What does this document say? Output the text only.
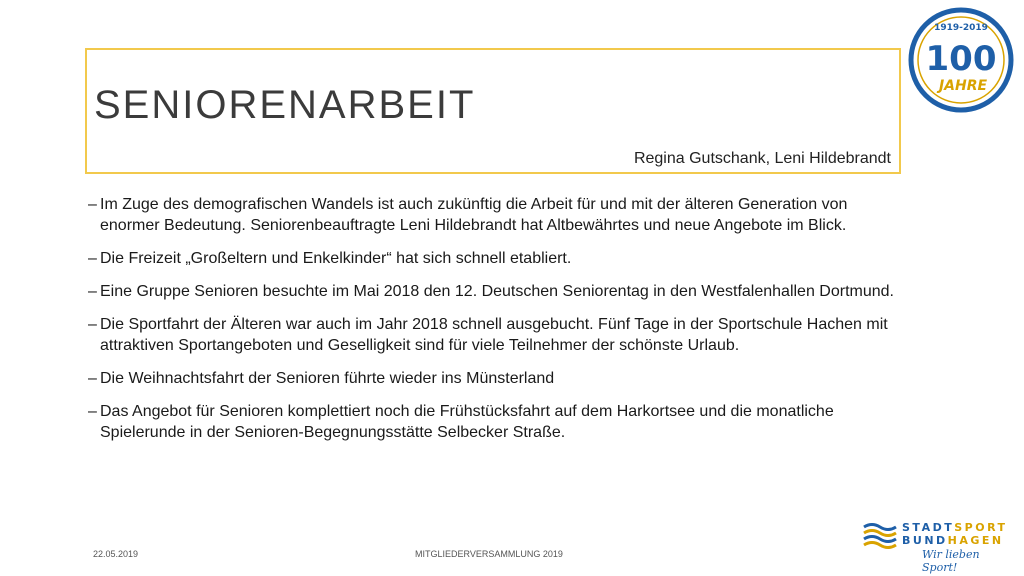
SENIORENARBEIT
Regina Gutschank, Leni Hildebrandt
– Im Zuge des demografischen Wandels ist auch zukünftig die Arbeit für und mit der älteren Generation von enormer Bedeutung. Seniorenbeauftragte Leni Hildebrandt hat Altbewährtes und neue Angebote im Blick.
– Die Freizeit „Großeltern und Enkelkinder“ hat sich schnell etabliert.
– Eine Gruppe Senioren besuchte im Mai 2018 den 12. Deutschen Seniorentag in den Westfalenhallen Dortmund.
– Die Sportfahrt der Älteren war auch im Jahr 2018 schnell ausgebucht. Fünf Tage in der Sportschule Hachen mit attraktiven Sportangeboten und Geselligkeit sind für viele Teilnehmer der schönste Urlaub.
– Die Weihnachtsfahrt der Senioren führte wieder ins Münsterland
– Das Angebot für Senioren komplettiert noch die Frühstücksfahrt auf dem Harkortsee und die monatliche Spielerunde in der Senioren-Begegnungsstätte Selbecker Straße.
22.05.2019	MITGLIEDERVERSAMMLUNG 2019
1919-2019
100
JAHRE
STADTSPORT
BUNDHAGEN
Wir lieben Sport!
